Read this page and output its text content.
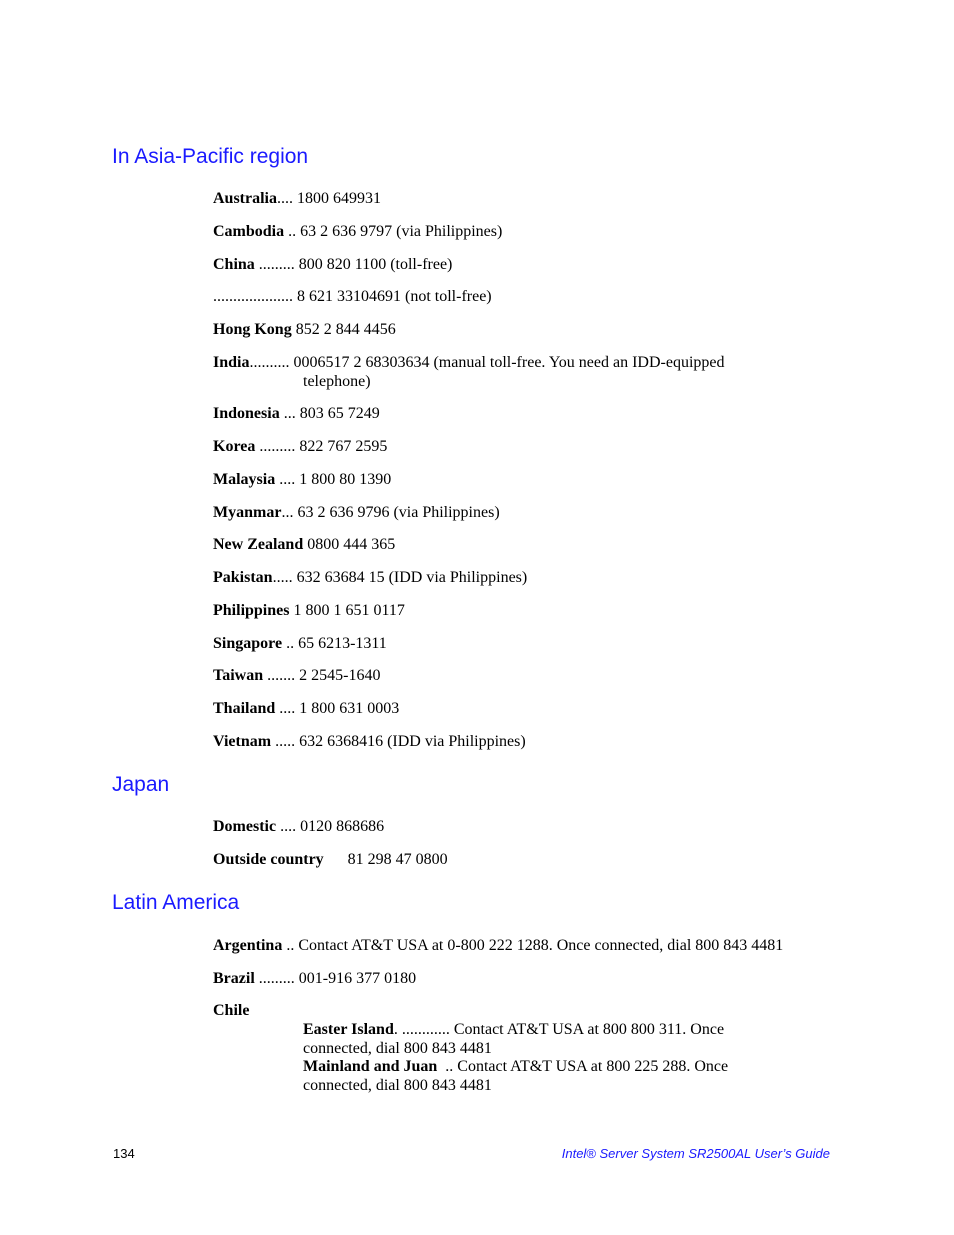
In Asia-Pacific region
Australia.... 1800 649931
Cambodia .. 63 2 636 9797 (via Philippines)
China ......... 800 820 1100 (toll-free)
.................... 8 621 33104691 (not toll-free)
Hong Kong 852 2 844 4456
India.......... 0006517 2 68303634 (manual toll-free. You need an IDD-equipped
telephone)
Indonesia ... 803 65 7249
Korea ......... 822 767 2595
Malaysia .... 1 800 80 1390
Myanmar... 63 2 636 9796 (via Philippines)
New Zealand 0800 444 365
Pakistan..... 632 63684 15 (IDD via Philippines)
Philippines 1 800 1 651 0117
Singapore .. 65 6213-1311
Taiwan ....... 2 2545-1640
Thailand .... 1 800 631 0003
Vietnam ..... 632 6368416 (IDD via Philippines)
Japan
Domestic .... 0120 868686
Outside country 81 298 47 0800
Latin America
Argentina .. Contact AT&T USA at 0-800 222 1288. Once connected, dial 800 843 4481
Brazil ......... 001-916 377 0180
Chile
Easter Island. ............ Contact AT&T USA at 800 800 311. Once
connected, dial 800 843 4481
Mainland and Juan  .. Contact AT&T USA at 800 225 288. Once
connected, dial 800 843 4481
134	Intel® Server System SR2500AL User’s Guide
